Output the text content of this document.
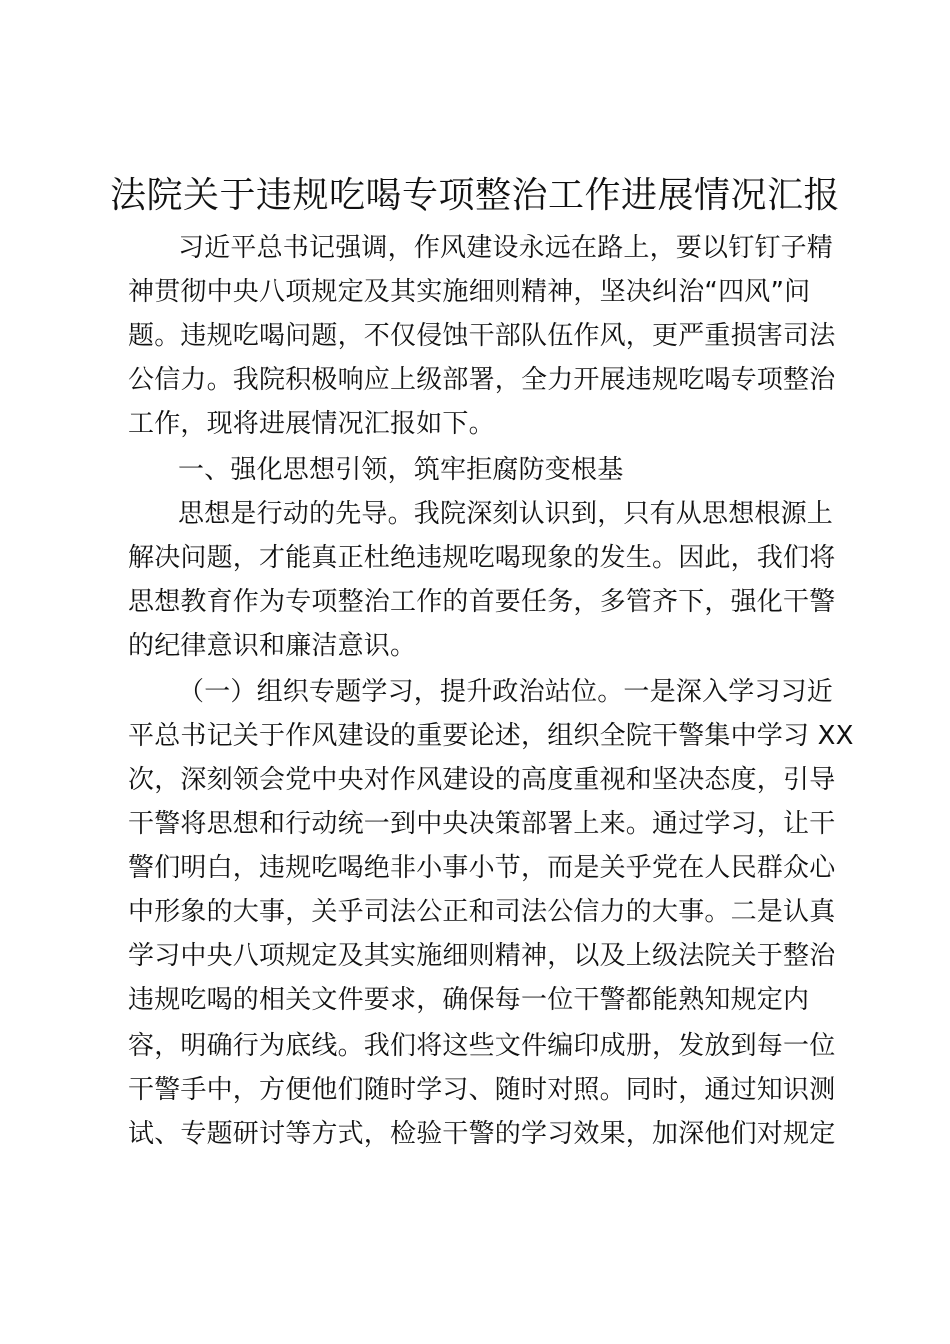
法院关于违规吃喝专项整治工作进展情况汇报
习近平总书记强调，作风建设永远在路上，要以钉钉子精
神贯彻中央八项规定及其实施细则精神，坚决纠治“四风”问
题。违规吃喝问题，不仅侵蚀干部队伍作风，更严重损害司法
公信力。我院积极响应上级部署，全力开展违规吃喝专项整治
工作，现将进展情况汇报如下。
一、强化思想引领，筑牢拒腐防变根基
思想是行动的先导。我院深刻认识到，只有从思想根源上
解决问题，才能真正杜绝违规吃喝现象的发生。因此，我们将
思想教育作为专项整治工作的首要任务，多管齐下，强化干警
的纪律意识和廉洁意识。
（一）组织专题学习，提升政治站位。一是深入学习习近
平总书记关于作风建设的重要论述，组织全院干警集中学习 XX
次，深刻领会党中央对作风建设的高度重视和坚决态度，引导
干警将思想和行动统一到中央决策部署上来。通过学习，让干
警们明白，违规吃喝绝非小事小节，而是关乎党在人民群众心
中形象的大事，关乎司法公正和司法公信力的大事。二是认真
学习中央八项规定及其实施细则精神，以及上级法院关于整治
违规吃喝的相关文件要求，确保每一位干警都能熟知规定内
容，明确行为底线。我们将这些文件编印成册，发放到每一位
干警手中，方便他们随时学习、随时对照。同时，通过知识测
试、专题研讨等方式，检验干警的学习效果，加深他们对规定
